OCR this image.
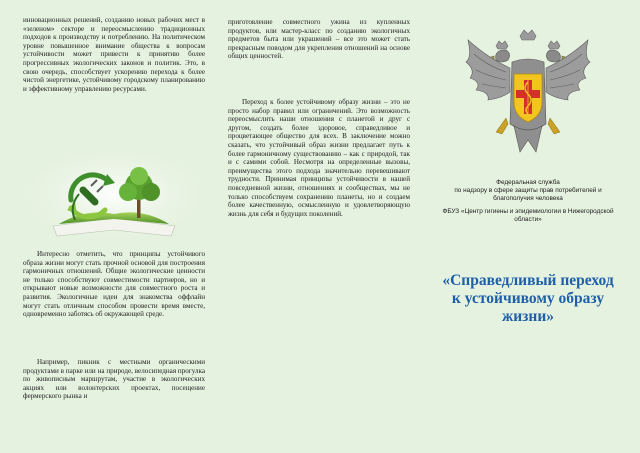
инновационных решений, созданию новых рабочих мест в «зеленом» секторе и переосмыслению традиционных подходов к производству и потреблению. На политическом уровне повышенное внимание общества к вопросам устойчивости может привести к принятию более прогрессивных экологических законов и политик. Это, в свою очередь, способствует ускорению перехода к более чистой энергетике, устойчивому городскому планированию и эффективному управлению ресурсами.

Интересно отметить, что принципы устойчивого образа жизни могут стать прочной основой для построения гармоничных отношений. Общие экологические ценности не только способствуют совместимости партнеров, но и открывают новые возможности для совместного роста и развития. Экологичные идеи для знакомства оффлайн могут стать отличным способом провести время вместе, одновременно заботясь об окружающей среде.

Например, пикник с местными органическими продуктами в парке или на природе, велосипедная прогулка по живописным маршрутам, участие в экологических акциях или волонтерских проектах, посещение фермерского рынка и

приготовление совместного ужина из купленных продуктов, или мастер-класс по созданию экологичных предметов быта или украшений – все это может стать прекрасным поводом для укрепления отношений на основе общих ценностей.

Переход к более устойчивому образу жизни – это не просто набор правил или ограничений. Это возможность переосмыслить наши отношения с планетой и друг с другом, создать более здоровое, справедливое и процветающее общество для всех. В заключение можно сказать, что устойчивый образ жизни предлагает путь к более гармоничному существованию – как с природой, так и с самими собой. Несмотря на определенные вызовы, преимущества этого подхода значительно перевешивают трудности. Принимая принципы устойчивости в нашей повседневной жизни, отношениях и сообществах, мы не только способствуем сохранению планеты, но и создаем более качественную, осмысленную и удовлетворяющую жизнь для себя и будущих поколений.

Федеральная служба
по надзору в сфере защиты прав потребителей и
благополучия человека
ФБУЗ «Центр гигиены и эпидемиологии в Нижегородской
области»
«Справедливый переход
к устойчивому образу
жизни»
